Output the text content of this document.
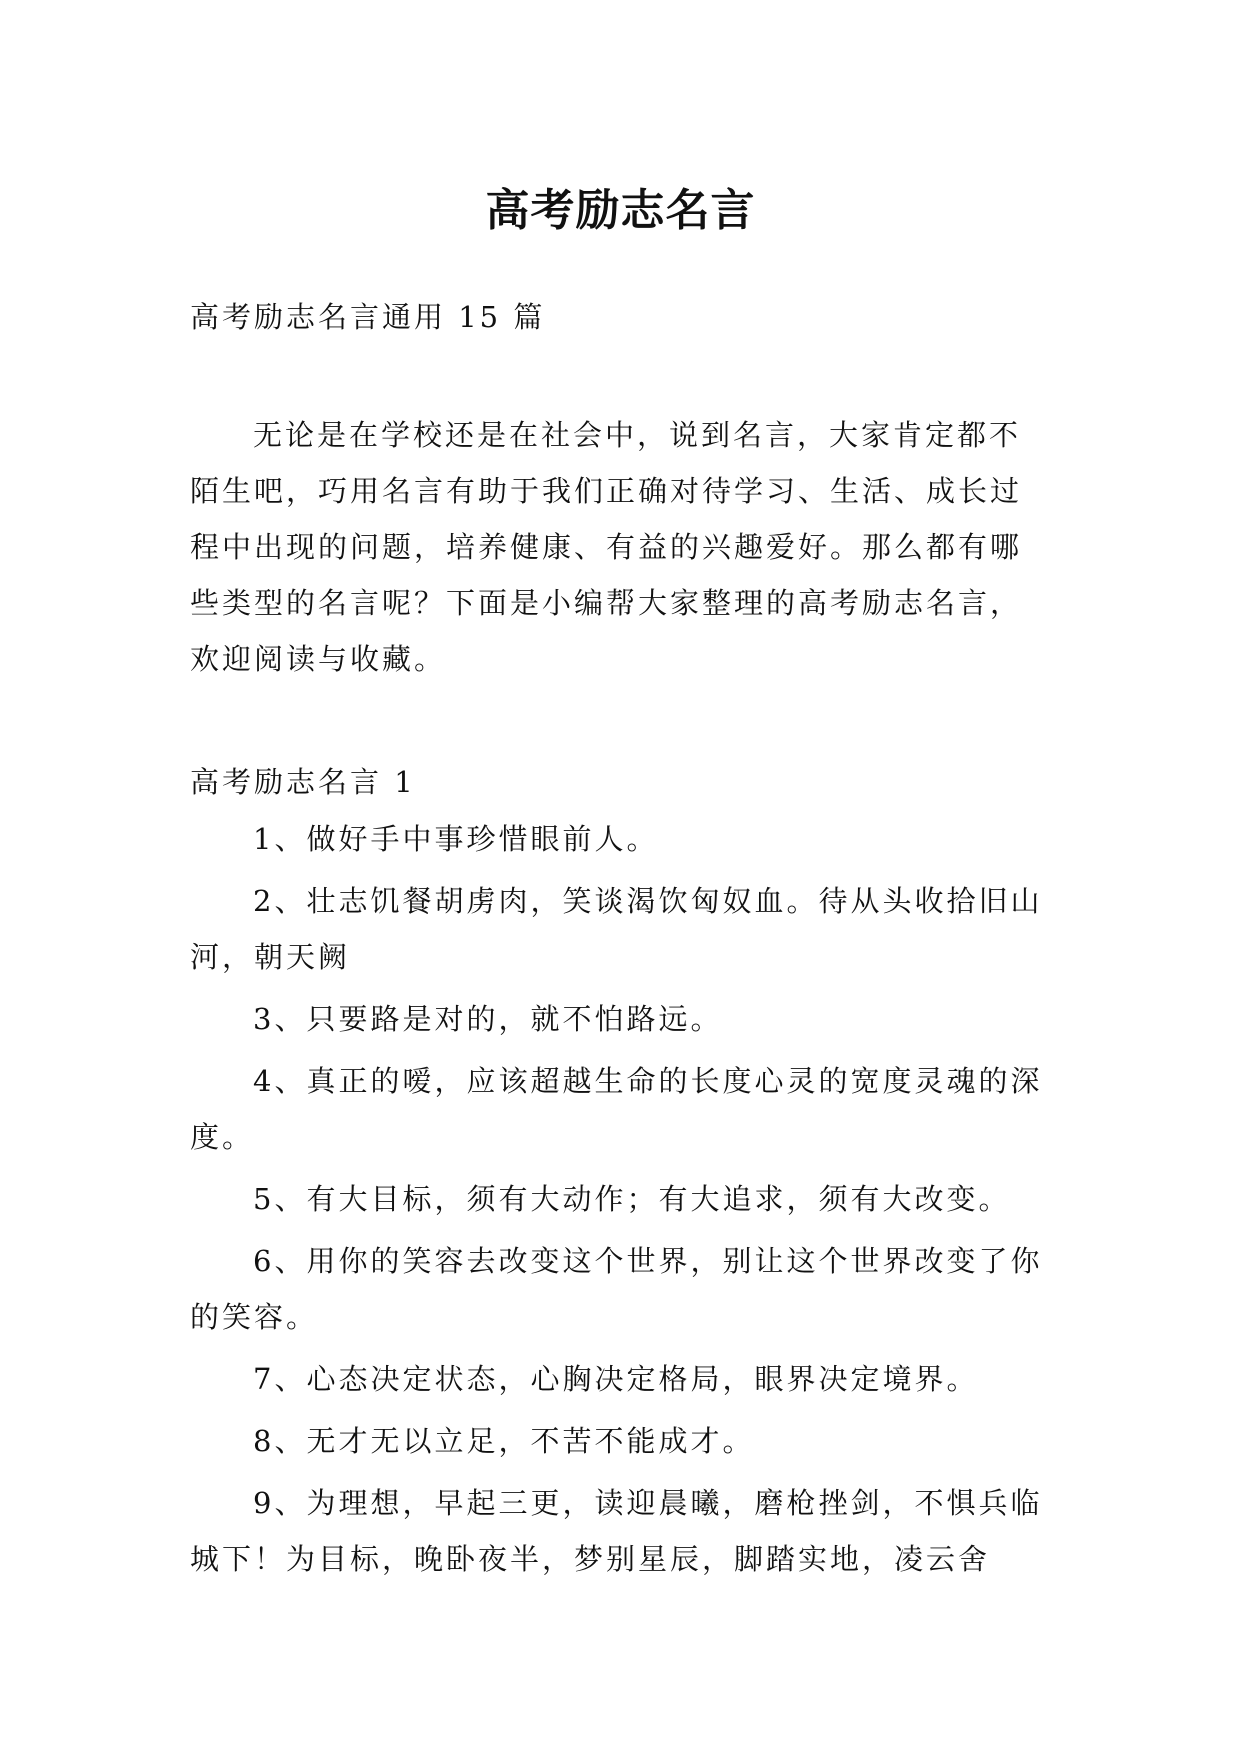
高考励志名言

高考励志名言通用 15 篇

无论是在学校还是在社会中，说到名言，大家肯定都不陌生吧，巧用名言有助于我们正确对待学习、生活、成长过程中出现的问题，培养健康、有益的兴趣爱好。那么都有哪些类型的名言呢？下面是小编帮大家整理的高考励志名言，欢迎阅读与收藏。

高考励志名言 1

1、做好手中事珍惜眼前人。
2、壮志饥餐胡虏肉，笑谈渴饮匈奴血。待从头收拾旧山河，朝天阙
3、只要路是对的，就不怕路远。
4、真正的嗳，应该超越生命的长度心灵的宽度灵魂的深度。
5、有大目标，须有大动作；有大追求，须有大改变。
6、用你的笑容去改变这个世界，别让这个世界改变了你的笑容。
7、心态决定状态，心胸决定格局，眼界决定境界。
8、无才无以立足，不苦不能成才。
9、为理想，早起三更，读迎晨曦，磨枪挫剑，不惧兵临城下！为目标，晚卧夜半，梦别星辰，脚踏实地，凌云舍
